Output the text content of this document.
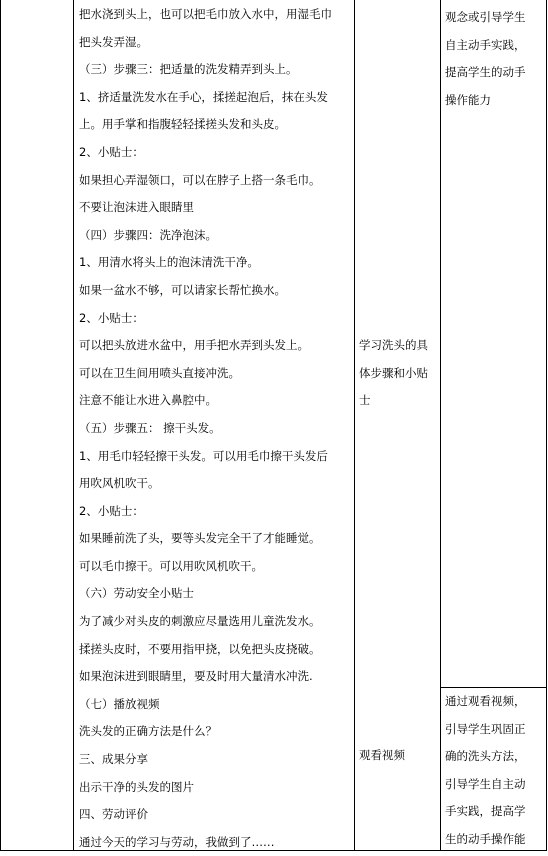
把水浇到头上，也可以把毛巾放入水中，用湿毛巾
把头发弄湿。
（三）步骤三：把适量的洗发精弄到头上。
1、挤适量洗发水在手心，揉搓起泡后，抹在头发
上。用手掌和指腹轻轻揉搓头发和头皮。
2、小贴士：
如果担心弄湿领口，可以在脖子上搭一条毛巾。
不要让泡沫进入眼睛里
（四）步骤四：洗净泡沫。
1、用清水将头上的泡沫清洗干净。
如果一盆水不够，可以请家长帮忙换水。
2、小贴士：
可以把头放进水盆中，用手把水弄到头发上。
可以在卫生间用喷头直接冲洗。
注意不能让水进入鼻腔中。
（五）步骤五： 擦干头发。
1、用毛巾轻轻擦干头发。可以用毛巾擦干头发后
用吹风机吹干。
2、小贴士：
如果睡前洗了头，要等头发完全干了才能睡觉。
可以毛巾擦干。可以用吹风机吹干。
（六）劳动安全小贴士
为了减少对头皮的刺激应尽量选用儿童洗发水。
揉搓头皮时，不要用指甲挠，以免把头皮挠破。
如果泡沫进到眼睛里，要及时用大量清水冲洗.
（七）播放视频
洗头发的正确方法是什么？
三、成果分享
出示干净的头发的图片
四、劳动评价
通过今天的学习与劳动，我做到了……
学习洗头的具
体步骤和小贴
士
观看视频
观念或引导学生
自主动手实践，
提高学生的动手
操作能力
通过观看视频，
引导学生巩固正
确的洗头方法，
引导学生自主动
手实践，提高学
生的动手操作能
